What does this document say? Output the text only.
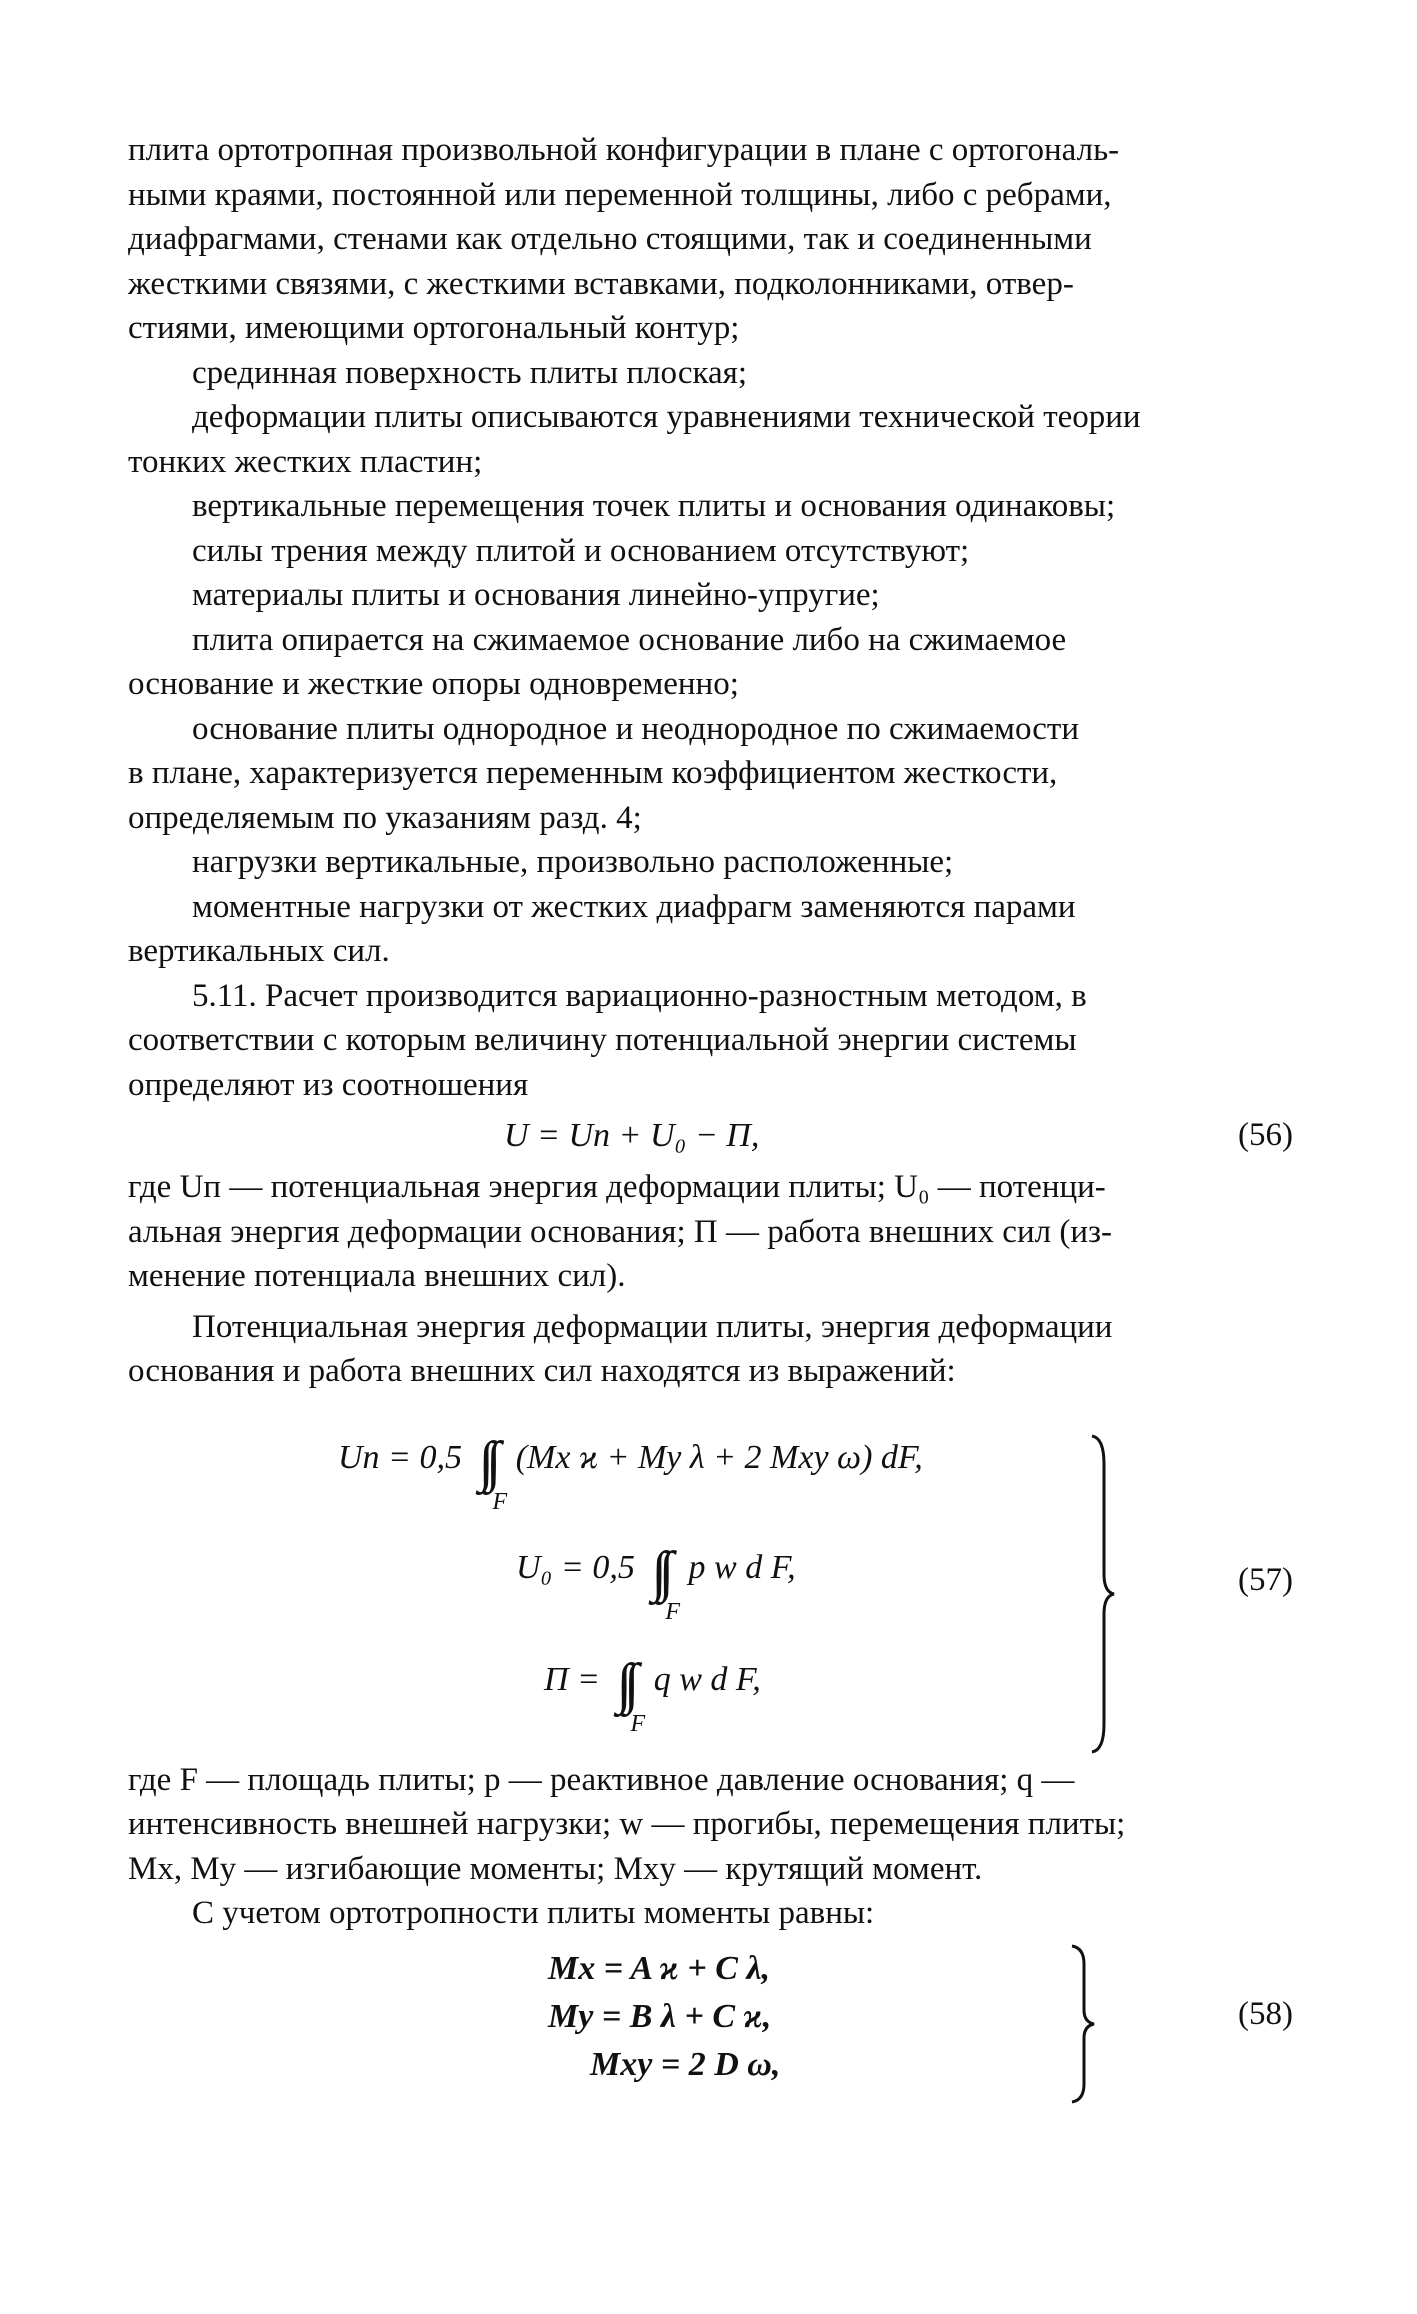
плита ортотропная произвольной конфигурации в плане с ортогональ-
ными краями, постоянной или переменной толщины, либо с ребрами,
диафрагмами, стенами как отдельно стоящими, так и соединенными
жесткими связями, с жесткими вставками, подколонниками, отвер-
стиями, имеющими ортогональный контур;

срединная поверхность плиты плоская;

деформации плиты описываются уравнениями технической теории
тонких жестких пластин;

вертикальные перемещения точек плиты и основания одинаковы;

силы трения между плитой и основанием отсутствуют;

материалы плиты и основания линейно-упругие;

плита опирается на сжимаемое основание либо на сжимаемое
основание и жесткие опоры одновременно;

основание плиты однородное и неоднородное по сжимаемости
в плане, характеризуется переменным коэффициентом жесткости,
определяемым по указаниям разд. 4;

нагрузки вертикальные, произвольно расположенные;

моментные нагрузки от жестких диафрагм заменяются парами
вертикальных сил.

5.11. Расчет производится вариационно-разностным методом, в
соответствии с которым величину потенциальной энергии системы
определяют из соотношения

U = Uп + U₀ − П,	(56)

где Uп — потенциальная энергия деформации плиты; U₀ — потенци-
альная энергия деформации основания; П — работа внешних сил (из-
менение потенциала внешних сил).

Потенциальная энергия деформации плиты, энергия деформации
основания и работа внешних сил находятся из выражений:

Uп = 0,5 ∫∫
F
(Mx ϰ + My λ + 2 Mxy ω) dF,
U₀ = 0,5 ∫∫
F
p w d F,
П = ∫∫
F
q w d F,
(57)

где F — площадь плиты; p — реактивное давление основания; q —
интенсивность внешней нагрузки; w — прогибы, перемещения плиты;
Mx, My — изгибающие моменты; Mxy — крутящий момент.

С учетом ортотропности плиты моменты равны:

Mx = A ϰ + C λ,
My = B λ + C ϰ,
Mxy = 2 D ω,
(58)
